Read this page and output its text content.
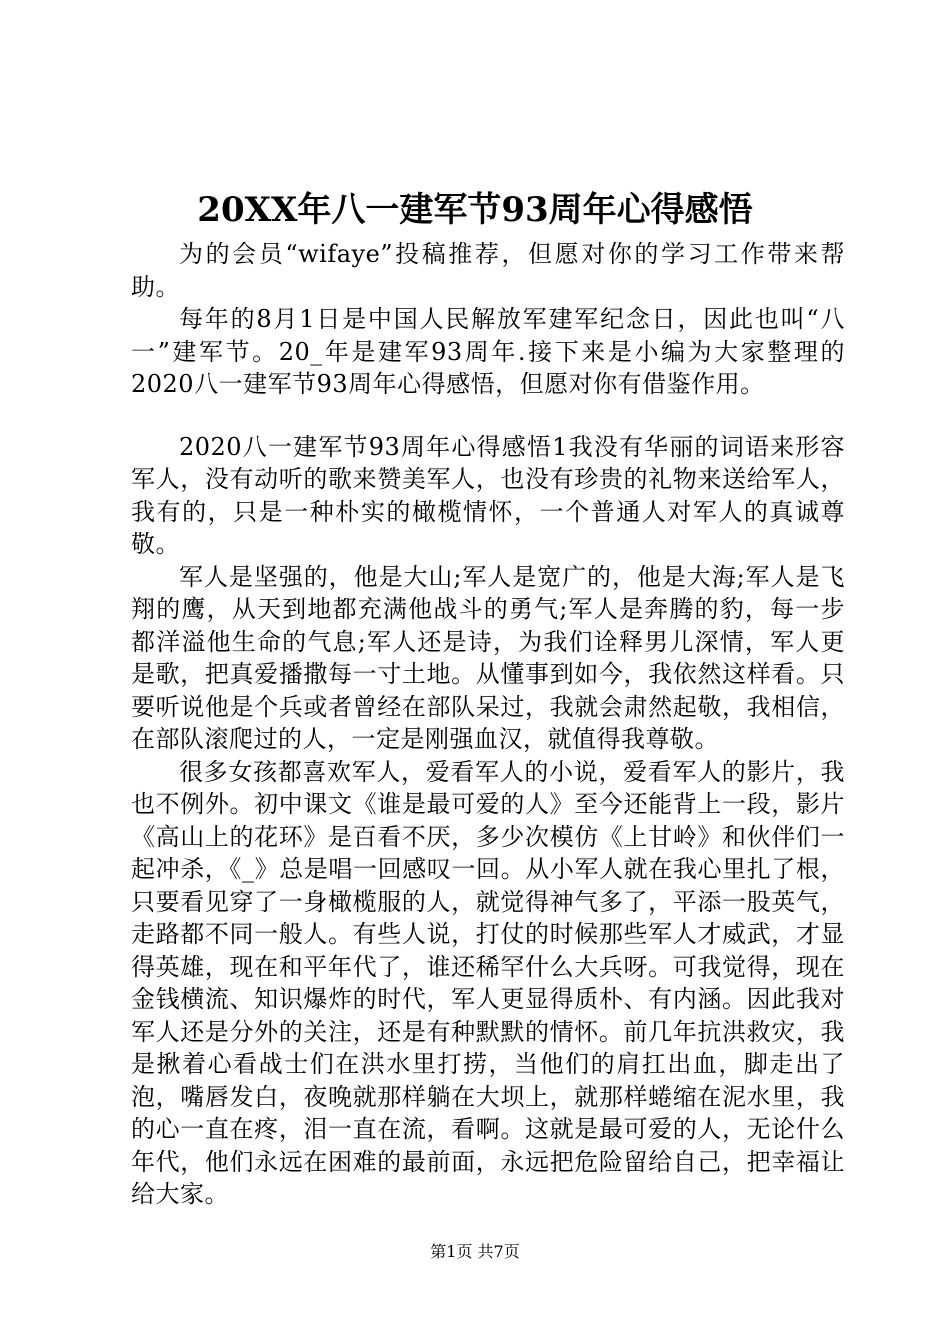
20XX年八一建军节93周年心得感悟

为的会员“wifaye”投稿推荐，但愿对你的学习工作带来帮助。

每年的8月1日是中国人民解放军建军纪念日，因此也叫“八一”建军节。20_年是建军93周年.接下来是小编为大家整理的2020八一建军节93周年心得感悟，但愿对你有借鉴作用。

2020八一建军节93周年心得感悟1我没有华丽的词语来形容军人，没有动听的歌来赞美军人，也没有珍贵的礼物来送给军人，我有的，只是一种朴实的橄榄情怀，一个普通人对军人的真诚尊敬。

军人是坚强的，他是大山;军人是宽广的，他是大海;军人是飞翔的鹰，从天到地都充满他战斗的勇气;军人是奔腾的豹，每一步都洋溢他生命的气息;军人还是诗，为我们诠释男儿深情，军人更是歌，把真爱播撒每一寸土地。从懂事到如今，我依然这样看。只要听说他是个兵或者曾经在部队呆过，我就会肃然起敬，我相信，在部队滚爬过的人，一定是刚强血汉，就值得我尊敬。

很多女孩都喜欢军人，爱看军人的小说，爱看军人的影片，我也不例外。初中课文《谁是最可爱的人》至今还能背上一段，影片《高山上的花环》是百看不厌，多少次模仿《上甘岭》和伙伴们一起冲杀，《_》总是唱一回感叹一回。从小军人就在我心里扎了根，只要看见穿了一身橄榄服的人，就觉得神气多了，平添一股英气，走路都不同一般人。有些人说，打仗的时候那些军人才威武，才显得英雄，现在和平年代了，谁还稀罕什么大兵呀。可我觉得，现在金钱横流、知识爆炸的时代，军人更显得质朴、有内涵。因此我对军人还是分外的关注，还是有种默默的情怀。前几年抗洪救灾，我是揪着心看战士们在洪水里打捞，当他们的肩扛出血，脚走出了泡，嘴唇发白，夜晚就那样躺在大坝上，就那样蜷缩在泥水里，我的心一直在疼，泪一直在流，看啊。这就是最可爱的人，无论什么年代，他们永远在困难的最前面，永远把危险留给自己，把幸福让给大家。

第1页 共7页
